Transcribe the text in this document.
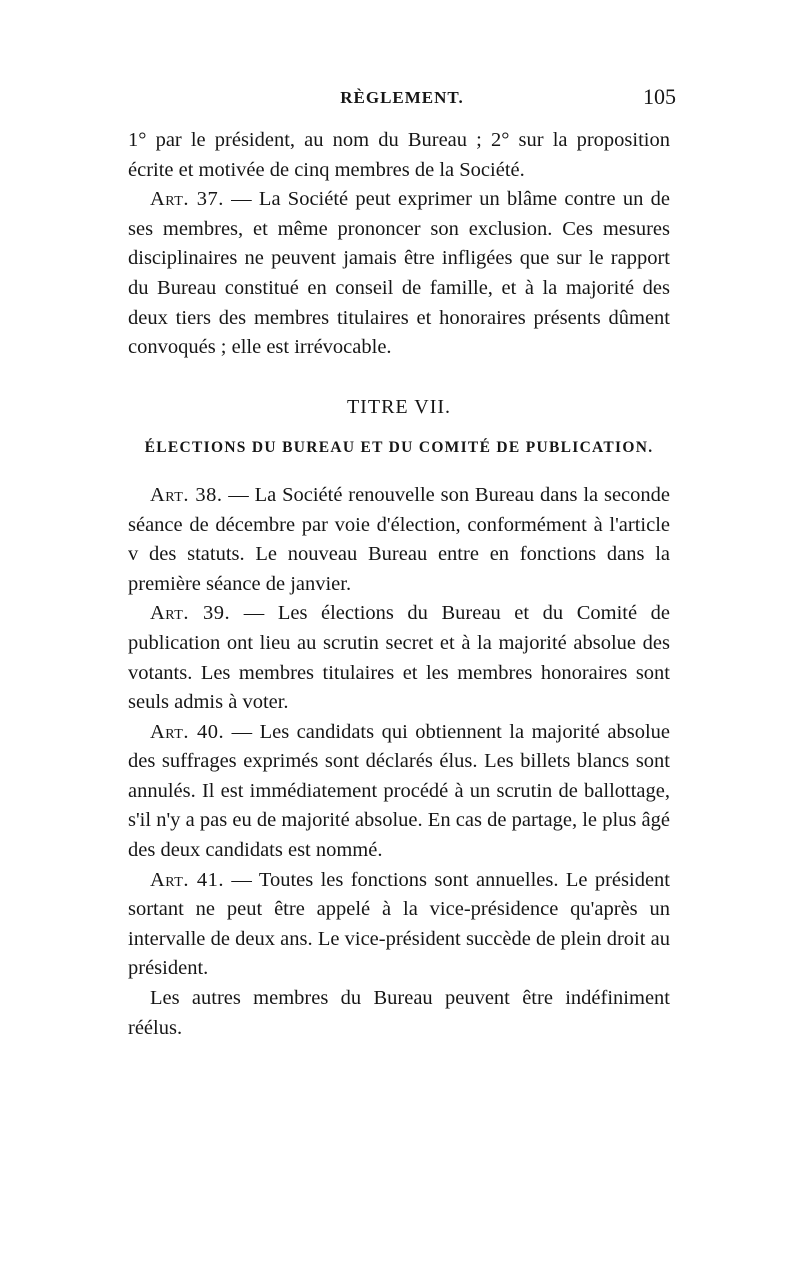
RÈGLEMENT.	105

1° par le président, au nom du Bureau ; 2° sur la proposition écrite et motivée de cinq membres de la Société.

Art. 37. — La Société peut exprimer un blâme contre un de ses membres, et même prononcer son exclusion. Ces mesures disciplinaires ne peuvent jamais être infligées que sur le rapport du Bureau constitué en conseil de famille, et à la majorité des deux tiers des membres titulaires et honoraires présents dûment convoqués ; elle est irrévocable.

TITRE VII.

ÉLECTIONS DU BUREAU ET DU COMITÉ DE PUBLICATION.

Art. 38. — La Société renouvelle son Bureau dans la seconde séance de décembre par voie d'élection, conformément à l'article v des statuts. Le nouveau Bureau entre en fonctions dans la première séance de janvier.

Art. 39. — Les élections du Bureau et du Comité de publication ont lieu au scrutin secret et à la majorité absolue des votants. Les membres titulaires et les membres honoraires sont seuls admis à voter.

Art. 40. — Les candidats qui obtiennent la majorité absolue des suffrages exprimés sont déclarés élus. Les billets blancs sont annulés. Il est immédiatement procédé à un scrutin de ballottage, s'il n'y a pas eu de majorité absolue. En cas de partage, le plus âgé des deux candidats est nommé.

Art. 41. — Toutes les fonctions sont annuelles. Le président sortant ne peut être appelé à la vice-présidence qu'après un intervalle de deux ans. Le vice-président succède de plein droit au président.

Les autres membres du Bureau peuvent être indéfiniment réélus.
